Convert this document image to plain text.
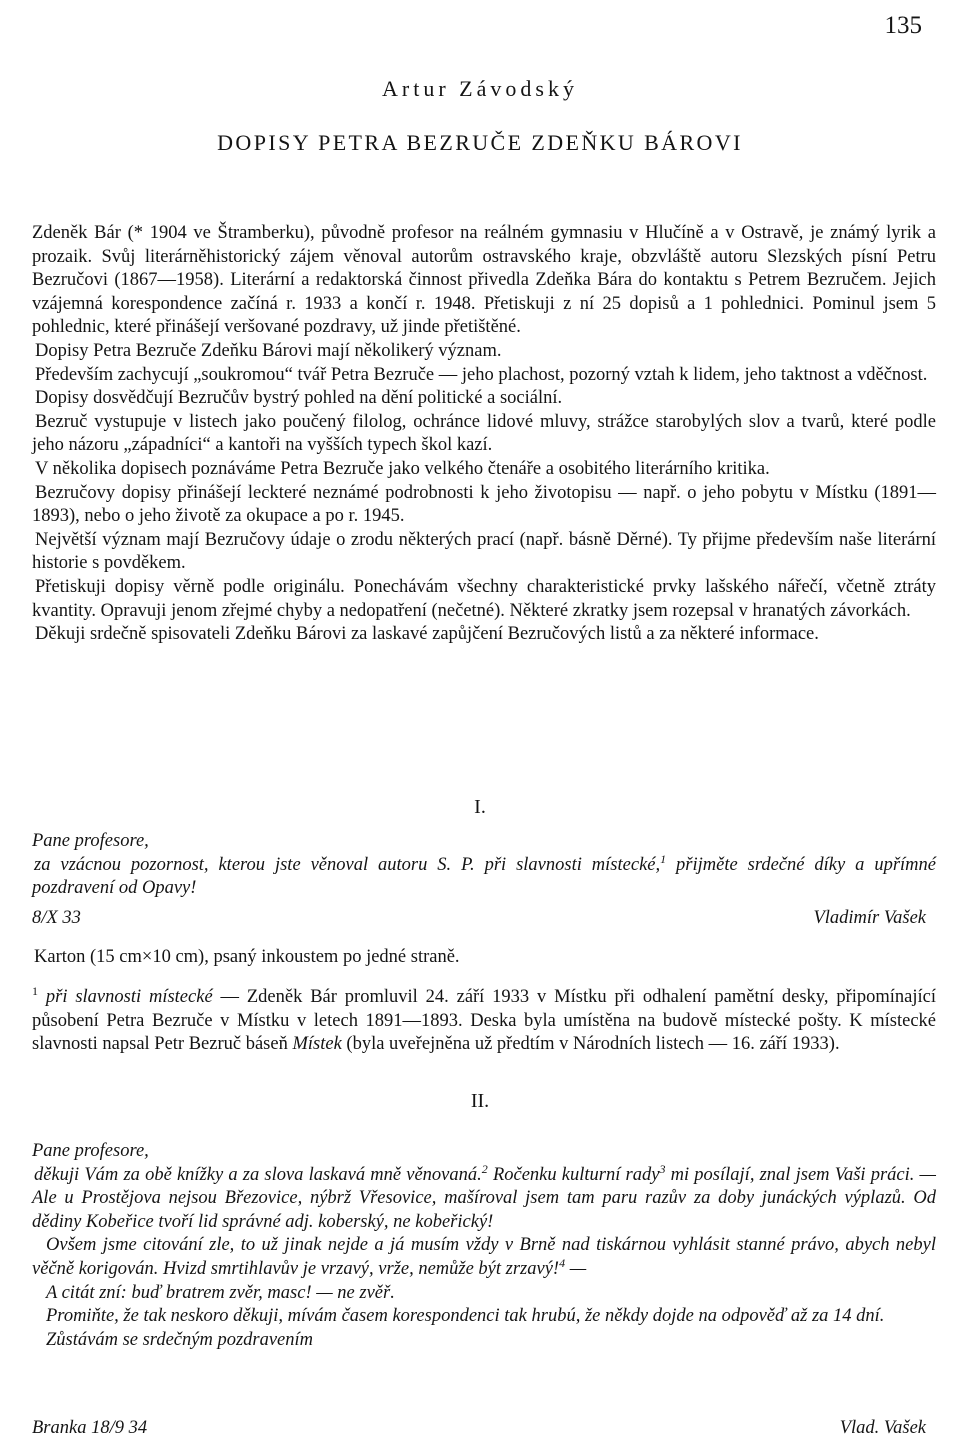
135
Artur Závodský
DOPISY PETRA BEZRUČE ZDEŇKU BÁROVI

Zdeněk Bár (* 1904 ve Štramberku), původně profesor na reálném gymnasiu v Hlučíně a v Ostravě, je známý lyrik a prozaik. Svůj literárněhistorický zájem věnoval autorům ostravského kraje, obzvláště autoru Slezských písní Petru Bezručovi (1867—1958). Literární a redaktorská činnost přivedla Zdeňka Bára do kontaktu s Petrem Bezručem. Jejich vzájemná korespondence začíná r. 1933 a končí r. 1948. Přetiskuji z ní 25 dopisů a 1 pohlednici. Pominul jsem 5 pohlednic, které přinášejí veršované pozdravy, už jinde přetištěné.

Dopisy Petra Bezruče Zdeňku Bárovi mají několikerý význam.

Především zachycují „soukromou“ tvář Petra Bezruče — jeho plachost, pozorný vztah k lidem, jeho taktnost a vděčnost.

Dopisy dosvědčují Bezručův bystrý pohled na dění politické a sociální.

Bezruč vystupuje v listech jako poučený filolog, ochránce lidové mluvy, strážce starobylých slov a tvarů, které podle jeho názoru „západníci“ a kantoři na vyšších typech škol kazí.

V několika dopisech poznáváme Petra Bezruče jako velkého čtenáře a osobitého literárního kritika.

Bezručovy dopisy přinášejí leckteré neznámé podrobnosti k jeho životopisu — např. o jeho pobytu v Místku (1891—1893), nebo o jeho životě za okupace a po r. 1945.

Největší význam mají Bezručovy údaje o zrodu některých prací (např. básně Děrné). Ty přijme především naše literární historie s povděkem.

Přetiskuji dopisy věrně podle originálu. Ponechávám všechny charakteristické prvky lašského nářečí, včetně ztráty kvantity. Opravuji jenom zřejmé chyby a nedopatření (nečetné). Některé zkratky jsem rozepsal v hranatých závorkách.

Děkuji srdečně spisovateli Zdeňku Bárovi za laskavé zapůjčení Bezručových listů a za některé informace.

I.

Pane profesore,

za vzácnou pozornost, kterou jste věnoval autoru S. P. při slavnosti místecké,$^1$ přijměte srdečné díky a upřímné pozdravení od Opavy!

8/X 33	Vladimír Vašek

Karton (15 cm×10 cm), psaný inkoustem po jedné straně.

$^1$ při slavnosti místecké — Zdeněk Bár promluvil 24. září 1933 v Místku při odhalení pamětní desky, připomínající působení Petra Bezruče v Místku v letech 1891—1893. Deska byla umístěna na budově místecké pošty. K místecké slavnosti napsal Petr Bezruč báseň Místek (byla uveřejněna už předtím v Národních listech — 16. září 1933).

II.

Pane profesore,

děkuji Vám za obě knížky a za slova laskavá mně věnovaná.$^2$ Ročenku kulturní rady$^3$ mi posílají, znal jsem Vaši práci. — Ale u Prostějova nejsou Březovice, nýbrž Vřesovice, mašíroval jsem tam paru razův za doby junáckých výplazů. Od dědiny Kobeřice tvoří lid správné adj. koberský, ne kobeřický!

Ovšem jsme citování zle, to už jinak nejde a já musím vždy v Brně nad tiskárnou vyhlásit stanné právo, abych nebyl věčně korigován. Hvizd smrtihlavův je vrzavý, vrže, nemůže být zrzavý!$^4$ —

A citát zní: buď bratrem zvěr, masc! — ne zvěř.

Promiňte, že tak neskoro děkuji, mívám časem korespondenci tak hrubú, že někdy dojde na odpověď až za 14 dní.

Zůstávám se srdečným pozdravením

Branka 18/9 34	Vlad. Vašek
